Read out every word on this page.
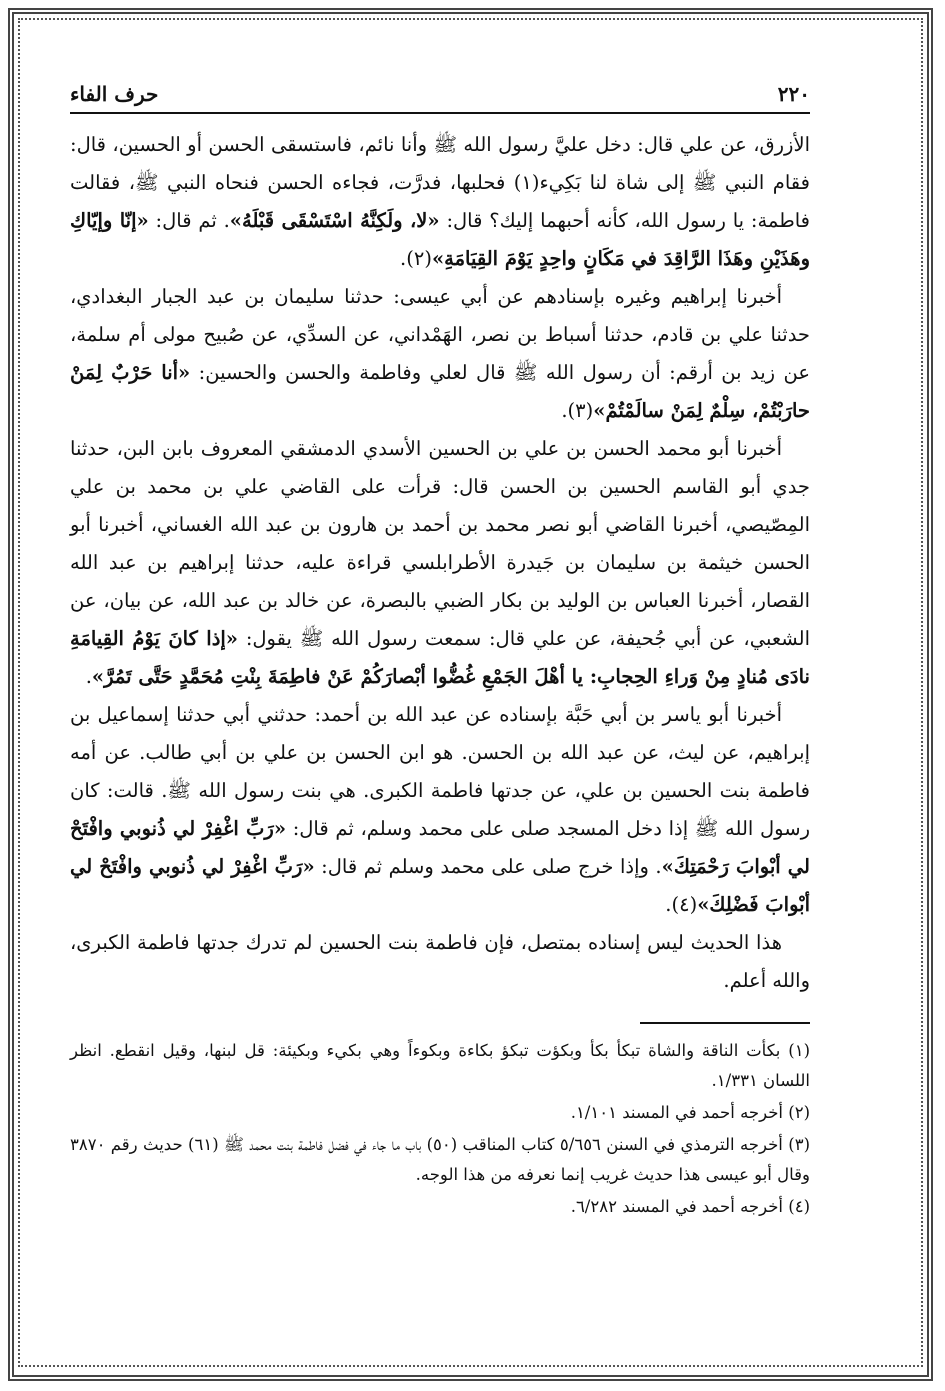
٢٢٠
حرف الفاء

الأزرق، عن علي قال: دخل عليَّ رسول الله ﷺ وأنا نائم، فاستسقى الحسن أو الحسين، قال: فقام النبي ﷺ إلى شاة لنا بَكِيء(١) فحلبها، فدرَّت، فجاءه الحسن فنحاه النبي ﷺ، فقالت فاطمة: يا رسول الله، كأنه أحبهما إليك؟ قال: «لا، ولَكِنَّهُ اسْتَسْقَى قَبْلَهُ». ثم قال: «إنّا وإيّاكِ وهَذَيْنِ وهَذَا الرَّاقِدَ في مَكَانٍ واحِدٍ يَوْمَ القِيَامَةِ»(٢).

أخبرنا إبراهيم وغيره بإسنادهم عن أبي عيسى: حدثنا سليمان بن عبد الجبار البغدادي، حدثنا علي بن قادم، حدثنا أسباط بن نصر، الهَمْداني، عن السدِّي، عن صُبيح مولى أم سلمة، عن زيد بن أرقم: أن رسول الله ﷺ قال لعلي وفاطمة والحسن والحسين: «أنا حَرْبٌ لِمَنْ حارَبْتُمْ، سِلْمٌ لِمَنْ سالَمْتُمْ»(٣).

أخبرنا أبو محمد الحسن بن علي بن الحسين الأسدي الدمشقي المعروف بابن البن، حدثنا جدي أبو القاسم الحسين بن الحسن قال: قرأت على القاضي علي بن محمد بن علي المِصّيصي، أخبرنا القاضي أبو نصر محمد بن أحمد بن هارون بن عبد الله الغساني، أخبرنا أبو الحسن خيثمة بن سليمان بن جَيدرة الأطرابلسي قراءة عليه، حدثنا إبراهيم بن عبد الله القصار، أخبرنا العباس بن الوليد بن بكار الضبي بالبصرة، عن خالد بن عبد الله، عن بيان، عن الشعبي، عن أبي جُحيفة، عن علي قال: سمعت رسول الله ﷺ يقول: «إذا كانَ يَوْمُ القِيامَةِ نادَى مُنادٍ مِنْ وَراءِ الحِجابِ: يا أهْلَ الجَمْعِ غُضُّوا أبْصارَكُمْ عَنْ فاطِمَةَ بِنْتِ مُحَمَّدٍ حَتَّى تَمُرَّ».

أخبرنا أبو ياسر بن أبي حَبَّة بإسناده عن عبد الله بن أحمد: حدثني أبي حدثنا إسماعيل بن إبراهيم، عن ليث، عن عبد الله بن الحسن. هو ابن الحسن بن علي بن أبي طالب. عن أمه فاطمة بنت الحسين بن علي، عن جدتها فاطمة الكبرى. هي بنت رسول الله ﷺ. قالت: كان رسول الله ﷺ إذا دخل المسجد صلى على محمد وسلم، ثم قال: «رَبِّ اغْفِرْ لي ذُنوبي وافْتَحْ لي أبْوابَ رَحْمَتِكَ». وإذا خرج صلى على محمد وسلم ثم قال: «رَبِّ اغْفِرْ لي ذُنوبي وافْتَحْ لي أبْوابَ فَضْلِكَ»(٤).

هذا الحديث ليس إسناده بمتصل، فإن فاطمة بنت الحسين لم تدرك جدتها فاطمة الكبرى، والله أعلم.

(١) بكأت الناقة والشاة تبكأ بكأ وبكؤت تبكؤ بكاءة وبكوءاً وهي بكيء وبكيئة: قل لبنها، وقيل انقطع. انظر اللسان ١/٣٣١.

(٢) أخرجه أحمد في المسند ١/١٠١.

(٣) أخرجه الترمذي في السنن ٥/٦٥٦ كتاب المناقب (٥٠) باب ما جاء في فضل فاطمة بنت محمد ﷺ (٦١) حديث رقم ٣٨٧٠ وقال أبو عيسى هذا حديث غريب إنما نعرفه من هذا الوجه.

(٤) أخرجه أحمد في المسند ٦/٢٨٢.
